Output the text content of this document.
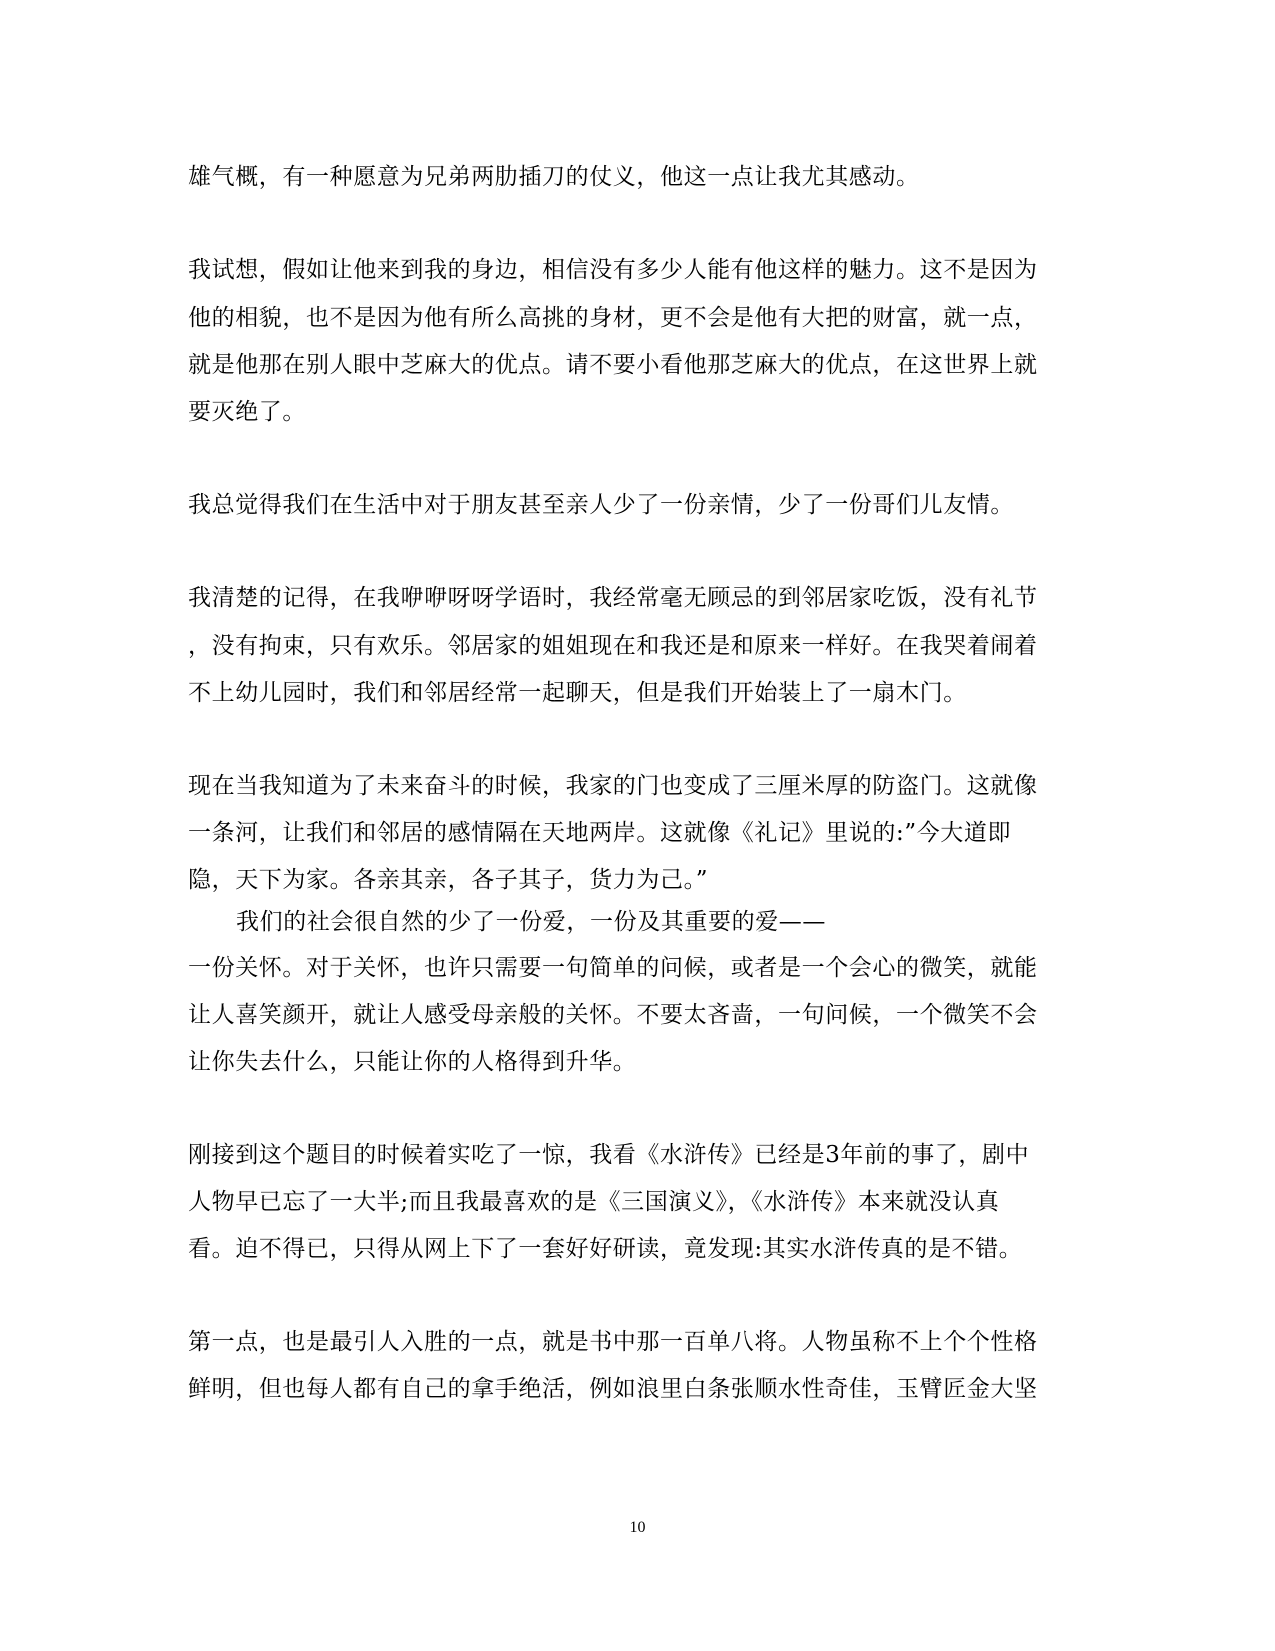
雄气概，有一种愿意为兄弟两肋插刀的仗义，他这一点让我尤其感动。
我试想，假如让他来到我的身边，相信没有多少人能有他这样的魅力。这不是因为
他的相貌，也不是因为他有所么高挑的身材，更不会是他有大把的财富，就一点，
就是他那在别人眼中芝麻大的优点。请不要小看他那芝麻大的优点，在这世界上就
要灭绝了。
我总觉得我们在生活中对于朋友甚至亲人少了一份亲情，少了一份哥们儿友情。
我清楚的记得，在我咿咿呀呀学语时，我经常毫无顾忌的到邻居家吃饭，没有礼节
，没有拘束，只有欢乐。邻居家的姐姐现在和我还是和原来一样好。在我哭着闹着
不上幼儿园时，我们和邻居经常一起聊天，但是我们开始装上了一扇木门。
现在当我知道为了未来奋斗的时候，我家的门也变成了三厘米厚的防盗门。这就像
一条河，让我们和邻居的感情隔在天地两岸。这就像《礼记》里说的:”今大道即
隐，天下为家。各亲其亲，各子其子，货力为己。”
我们的社会很自然的少了一份爱，一份及其重要的爱——
一份关怀。对于关怀，也许只需要一句简单的问候，或者是一个会心的微笑，就能
让人喜笑颜开，就让人感受母亲般的关怀。不要太吝啬，一句问候，一个微笑不会
让你失去什么，只能让你的人格得到升华。
刚接到这个题目的时候着实吃了一惊，我看《水浒传》已经是3年前的事了，剧中
人物早已忘了一大半;而且我最喜欢的是《三国演义》，《水浒传》本来就没认真
看。迫不得已，只得从网上下了一套好好研读，竟发现:其实水浒传真的是不错。
第一点，也是最引人入胜的一点，就是书中那一百单八将。人物虽称不上个个性格
鲜明，但也每人都有自己的拿手绝活，例如浪里白条张顺水性奇佳，玉臂匠金大坚
10
